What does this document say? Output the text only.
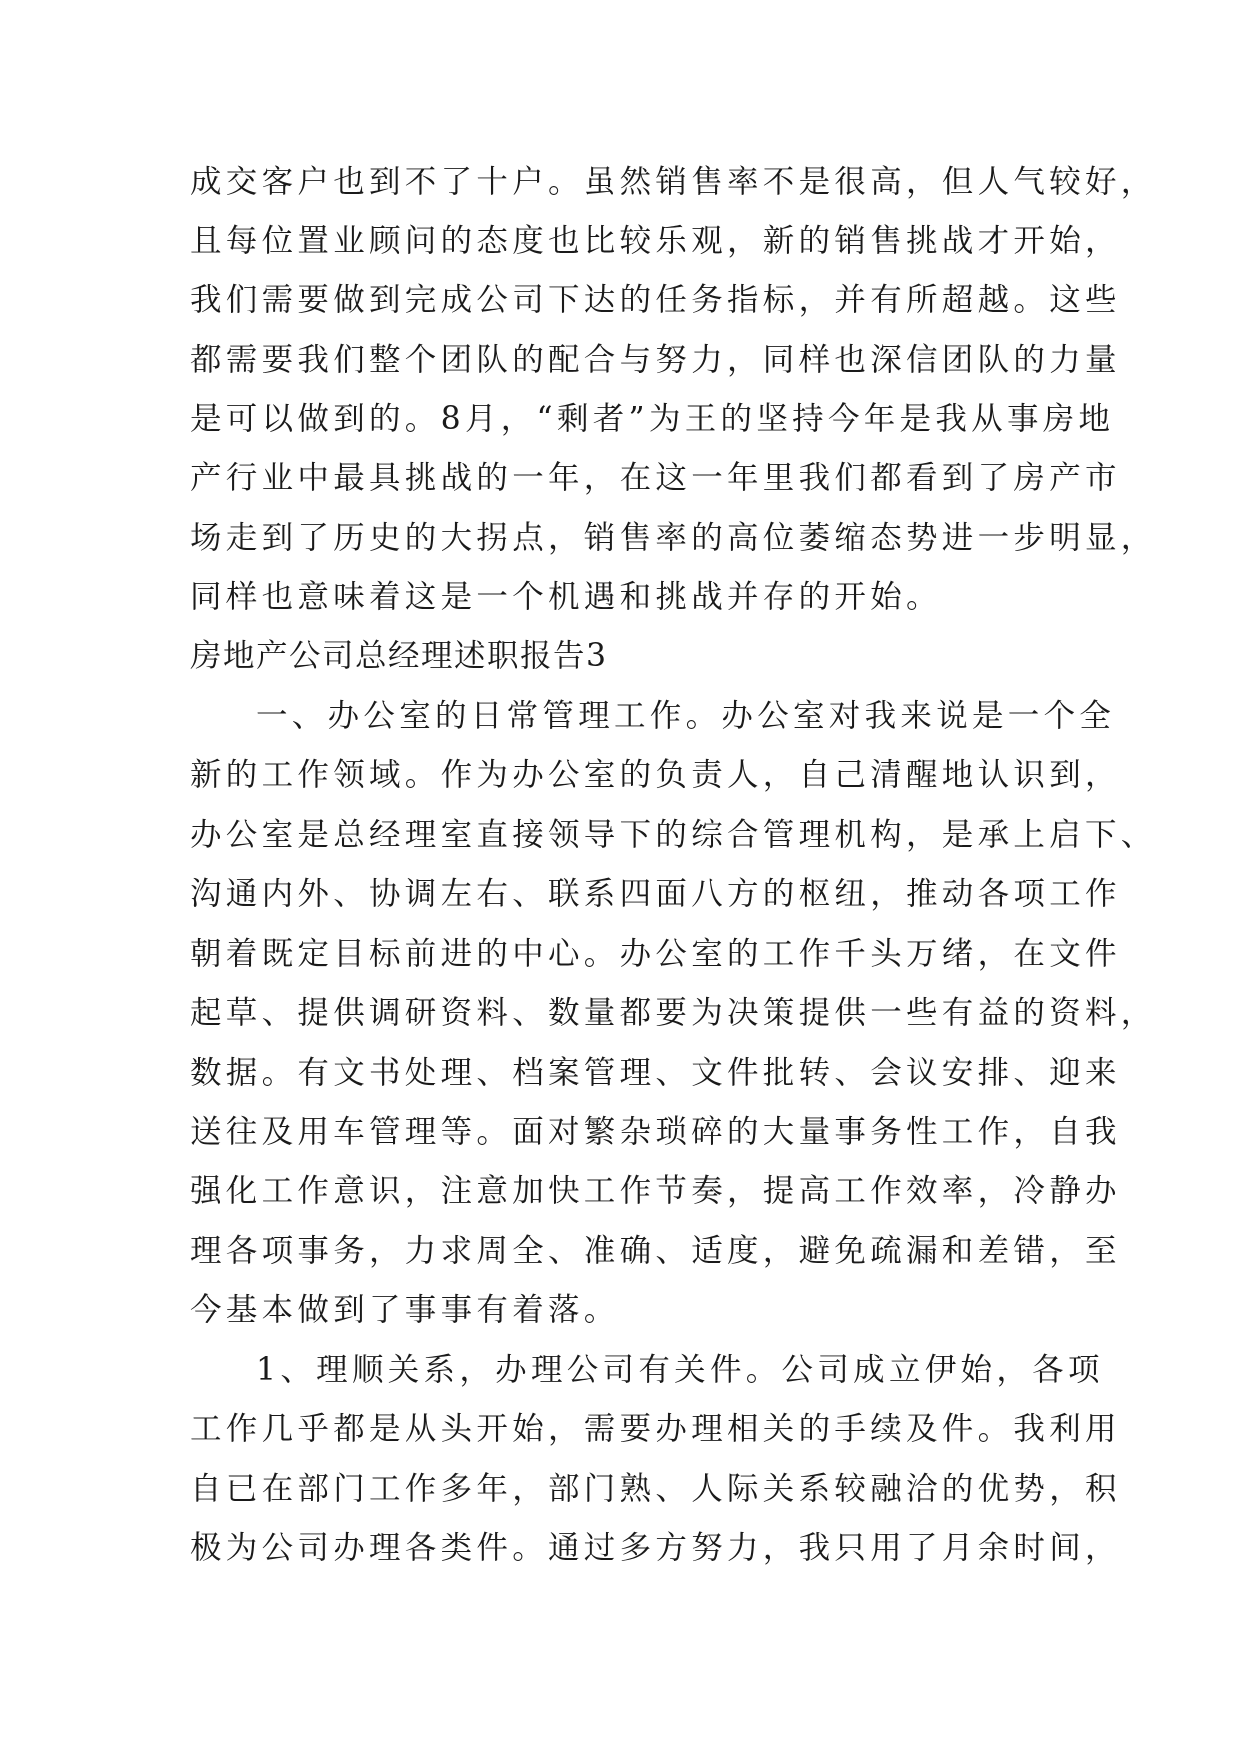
成交客户也到不了十户。虽然销售率不是很高，但人气较好，
且每位置业顾问的态度也比较乐观，新的销售挑战才开始，
我们需要做到完成公司下达的任务指标，并有所超越。这些
都需要我们整个团队的配合与努力，同样也深信团队的力量
是可以做到的。8月，“剩者”为王的坚持今年是我从事房地
产行业中最具挑战的一年，在这一年里我们都看到了房产市
场走到了历史的大拐点，销售率的高位萎缩态势进一步明显，
同样也意味着这是一个机遇和挑战并存的开始。
房地产公司总经理述职报告3
一、办公室的日常管理工作。办公室对我来说是一个全
新的工作领域。作为办公室的负责人，自己清醒地认识到，
办公室是总经理室直接领导下的综合管理机构，是承上启下、
沟通内外、协调左右、联系四面八方的枢纽，推动各项工作
朝着既定目标前进的中心。办公室的工作千头万绪，在文件
起草、提供调研资料、数量都要为决策提供一些有益的资料，
数据。有文书处理、档案管理、文件批转、会议安排、迎来
送往及用车管理等。面对繁杂琐碎的大量事务性工作，自我
强化工作意识，注意加快工作节奏，提高工作效率，冷静办
理各项事务，力求周全、准确、适度，避免疏漏和差错，至
今基本做到了事事有着落。
1、理顺关系，办理公司有关件。公司成立伊始，各项
工作几乎都是从头开始，需要办理相关的手续及件。我利用
自已在部门工作多年，部门熟、人际关系较融洽的优势，积
极为公司办理各类件。通过多方努力，我只用了月余时间，
